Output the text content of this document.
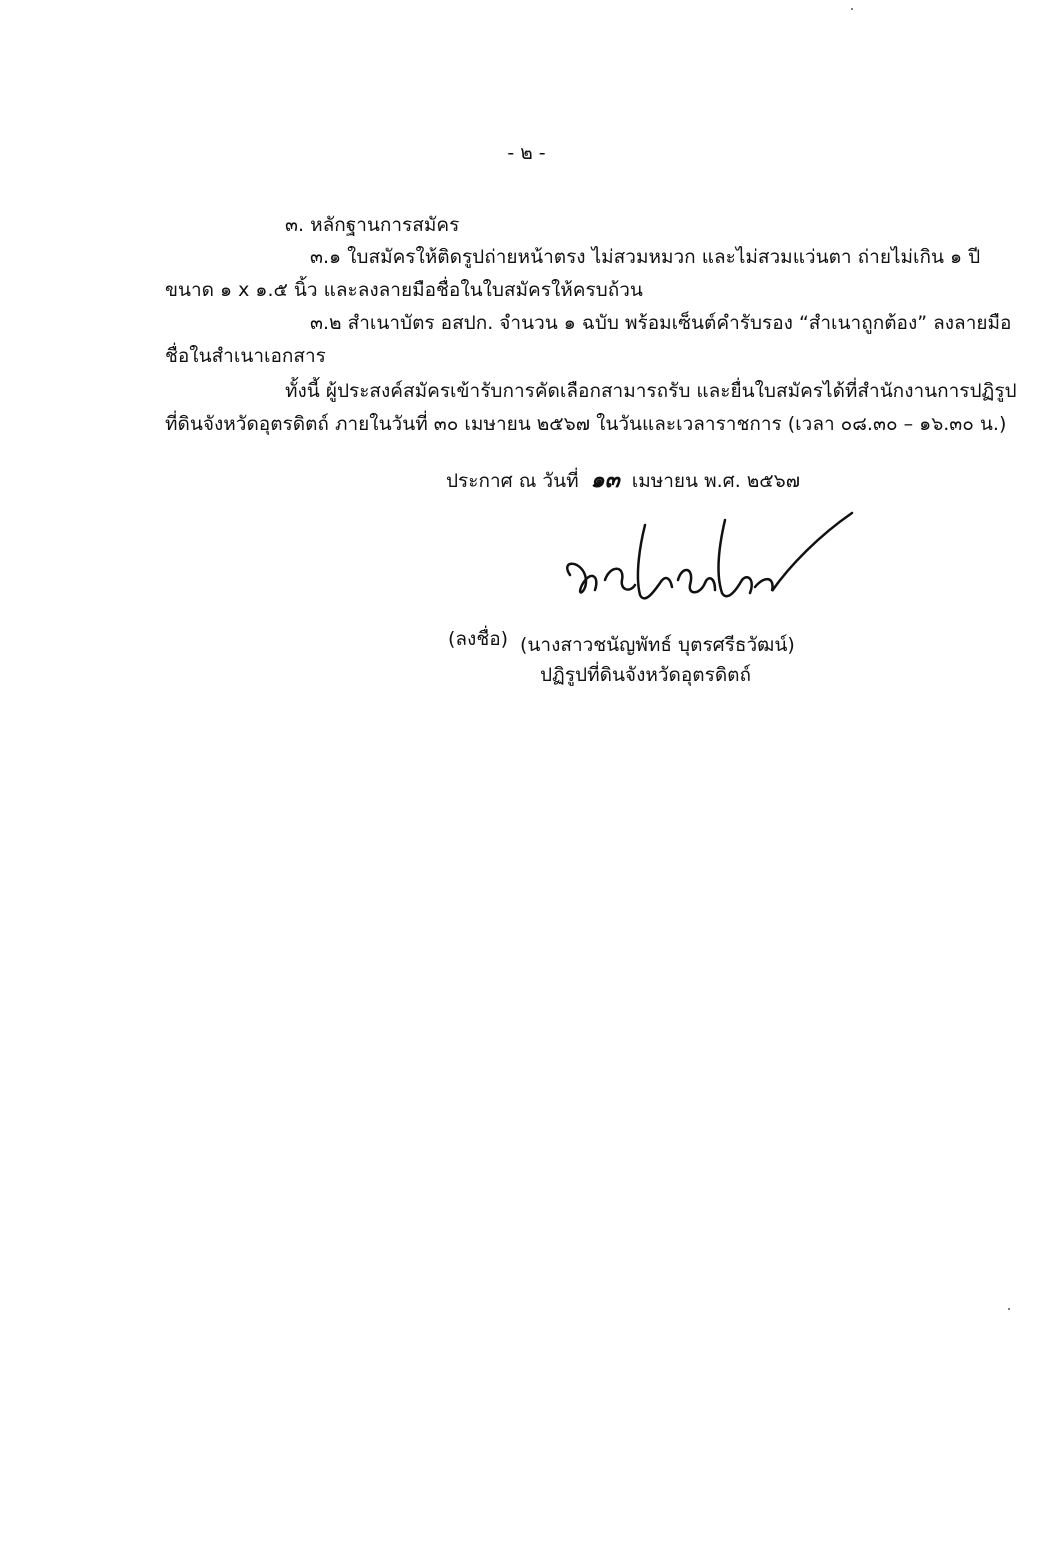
- ๒ -
๓. หลักฐานการสมัคร
๓.๑ ใบสมัครให้ติดรูปถ่ายหน้าตรง ไม่สวมหมวก และไม่สวมแว่นตา ถ่ายไม่เกิน ๑ ปี
ขนาด ๑ x ๑.๕ นิ้ว และลงลายมือชื่อในใบสมัครให้ครบถ้วน
๓.๒ สำเนาบัตร อสปก. จำนวน ๑ ฉบับ พร้อมเซ็นต์คำรับรอง “สำเนาถูกต้อง” ลงลายมือ
ชื่อในสำเนาเอกสาร
ทั้งนี้ ผู้ประสงค์สมัครเข้ารับการคัดเลือกสามารถรับ และยื่นใบสมัครได้ที่สำนักงานการปฏิรูป
ที่ดินจังหวัดอุตรดิตถ์ ภายในวันที่ ๓๐ เมษายน ๒๕๖๗ ในวันและเวลาราชการ (เวลา ๐๘.๓๐ – ๑๖.๓๐ น.)
ประกาศ ณ วันที่ ๑๓ เมษายน พ.ศ. ๒๕๖๗
(ลงชื่อ) (นางสาวชนัญพัทธ์ บุตรศรีธวัฒน์)
ปฏิรูปที่ดินจังหวัดอุตรดิตถ์
